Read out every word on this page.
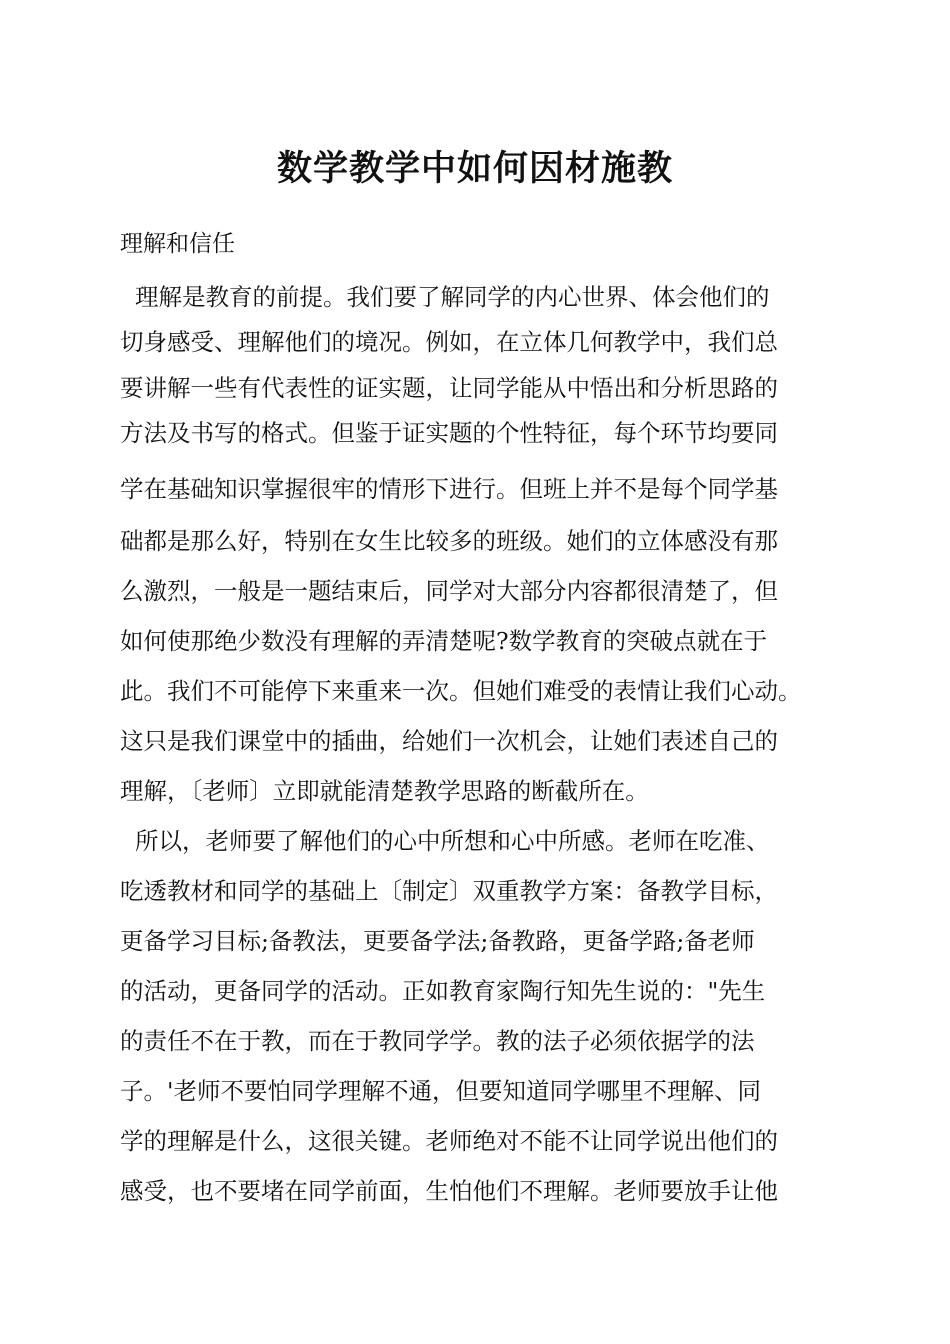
数学教学中如何因材施教
理解和信任

理解是教育的前提。我们要了解同学的内心世界、体会他们的

切身感受、理解他们的境况。例如，在立体几何教学中，我们总

要讲解一些有代表性的证实题，让同学能从中悟出和分析思路的

方法及书写的格式。但鉴于证实题的个性特征，每个环节均要同

学在基础知识掌握很牢的情形下进行。但班上并不是每个同学基

础都是那么好，特别在女生比较多的班级。她们的立体感没有那

么激烈，一般是一题结束后，同学对大部分内容都很清楚了，但

如何使那绝少数没有理解的弄清楚呢?数学教育的突破点就在于

此。我们不可能停下来重来一次。但她们难受的表情让我们心动。

这只是我们课堂中的插曲，给她们一次机会，让她们表述自己的

理解，〔老师〕立即就能清楚教学思路的断截所在。

所以，老师要了解他们的心中所想和心中所感。老师在吃准、

吃透教材和同学的基础上〔制定〕双重教学方案：备教学目标，

更备学习目标;备教法，更要备学法;备教路，更备学路;备老师

的活动，更备同学的活动。正如教育家陶行知先生说的："先生

的责任不在于教，而在于教同学学。教的法子必须依据学的法

子。'老师不要怕同学理解不通，但要知道同学哪里不理解、同

学的理解是什么，这很关键。老师绝对不能不让同学说出他们的

感受，也不要堵在同学前面，生怕他们不理解。老师要放手让他
